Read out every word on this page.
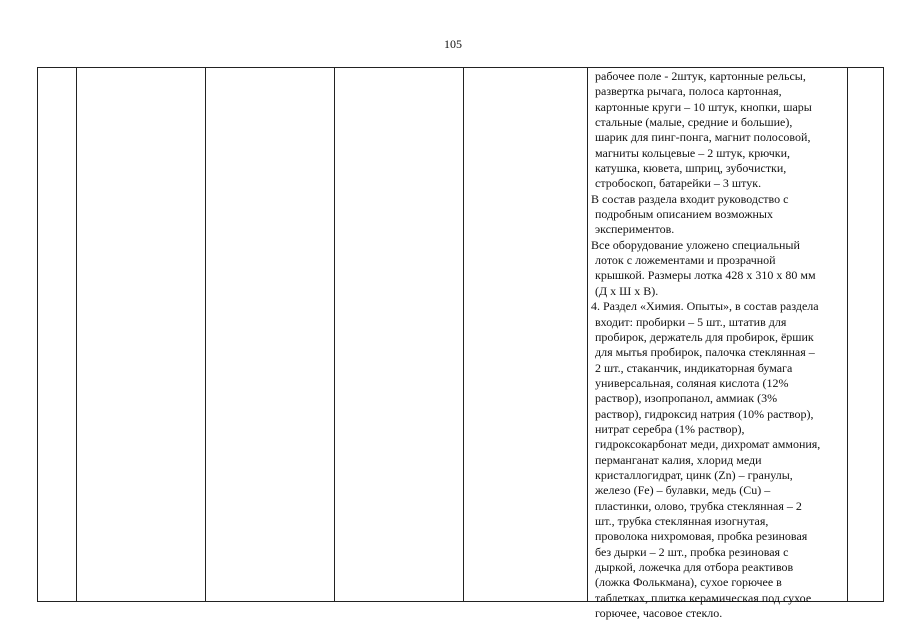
105

рабочее поле - 2штук, картонные рельсы,

развертка рычага, полоса картонная,

картонные круги – 10 штук, кнопки, шары

стальные (малые, средние и большие),

шарик для пинг-понга, магнит полосовой,

магниты кольцевые – 2 штук, крючки,

катушка, кювета, шприц, зубочистки,

стробоскоп, батарейки – 3 штук.

В состав раздела входит руководство с

подробным описанием возможных

экспериментов.

Все оборудование уложено специальный

лоток с ложементами и прозрачной

крышкой. Размеры лотка 428 х 310 х 80 мм

(Д х Ш х В).

4. Раздел «Химия. Опыты», в состав раздела

входит: пробирки – 5 шт., штатив для

пробирок, держатель для пробирок, ёршик

для мытья пробирок, палочка стеклянная –

2 шт., стаканчик, индикаторная бумага

универсальная, соляная кислота (12%

раствор), изопропанол, аммиак (3%

раствор), гидроксид натрия (10% раствор),

нитрат серебра (1% раствор),

гидроксокарбонат меди, дихромат аммония,

перманганат калия, хлорид меди

кристаллогидрат, цинк (Zn) – гранулы,

железо (Fe) – булавки, медь (Cu) –

пластинки, олово, трубка стеклянная – 2

шт., трубка стеклянная изогнутая,

проволока нихромовая, пробка резиновая

без дырки – 2 шт., пробка резиновая с

дыркой, ложечка для отбора реактивов

(ложка Фолькмана), сухое горючее в

таблетках, плитка керамическая под сухое

горючее, часовое стекло.
